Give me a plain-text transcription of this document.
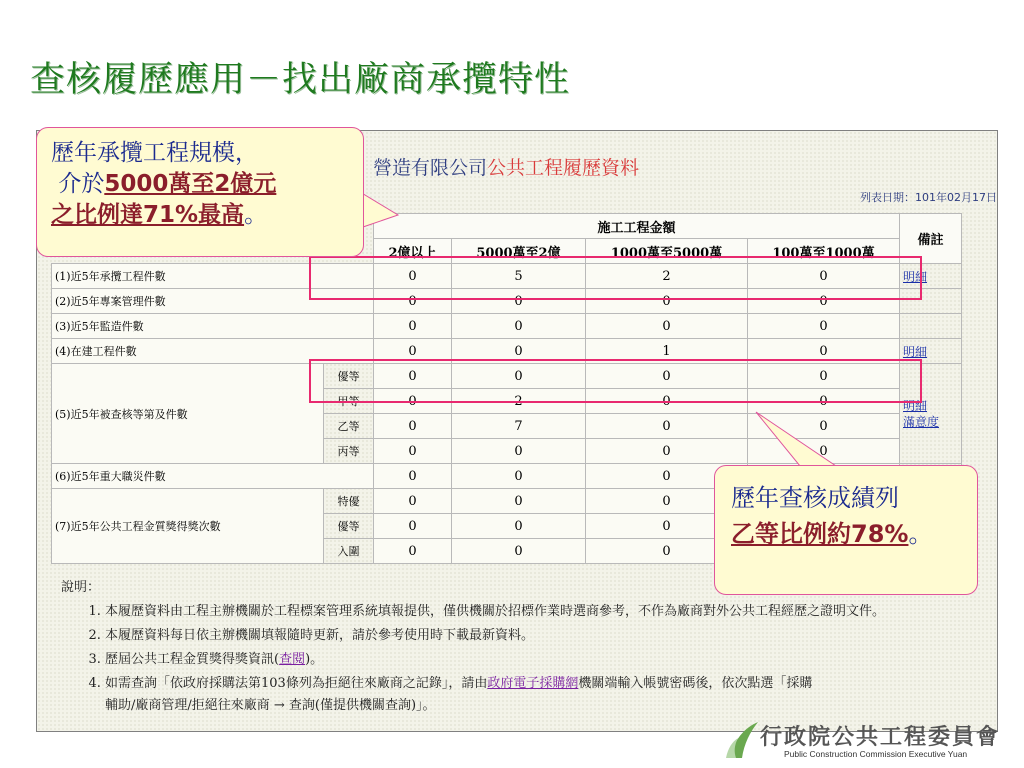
查核履歷應用－找出廠商承攬特性
營造有限公司公共工程履歷資料
列表日期：101年02月17日
		施工工程金額				備註
		2億以上	5000萬至2億	1000萬至5000萬	100萬至1000萬	
(1)近5年承攬工程件數		0	5	2	0	明細
(2)近5年專案管理件數		0	0	0	0	
(3)近5年監造件數		0	0	0	0	
(4)在建工程件數		0	0	1	0	明細
(5)近5年被查核等第及件數	優等	0	0	0	0	明細
滿意度
	甲等	0	2	0	0	
	乙等	0	7	0	0	
	丙等	0	0	0	0	
(6)近5年重大職災件數		0	0	0		
(7)近5年公共工程金質獎得獎次數	特優	0	0	0		
	優等	0	0	0		
	入圍	0	0	0		
說明：
1. 本履歷資料由工程主辦機關於工程標案管理系統填報提供，僅供機關於招標作業時選商參考，不作為廠商對外公共工程經歷之證明文件。
2. 本履歷資料每日依主辦機關填報隨時更新，請於參考使用時下載最新資料。
3. 歷屆公共工程金質獎得獎資訊(查閱)。
4. 如需查詢「依政府採購法第103條列為拒絕往來廠商之記錄」，請由政府電子採購網機關端輸入帳號密碼後，依次點選「採購
輔助/廠商管理/拒絕往來廠商 → 查詢(僅提供機關查詢)」。
歷年承攬工程規模，
介於5000萬至2億元
之比例達71%最高。
歷年查核成績列
乙等比例約78%。
行政院公共工程委員會
Public Construction Commission Executive Yuan
